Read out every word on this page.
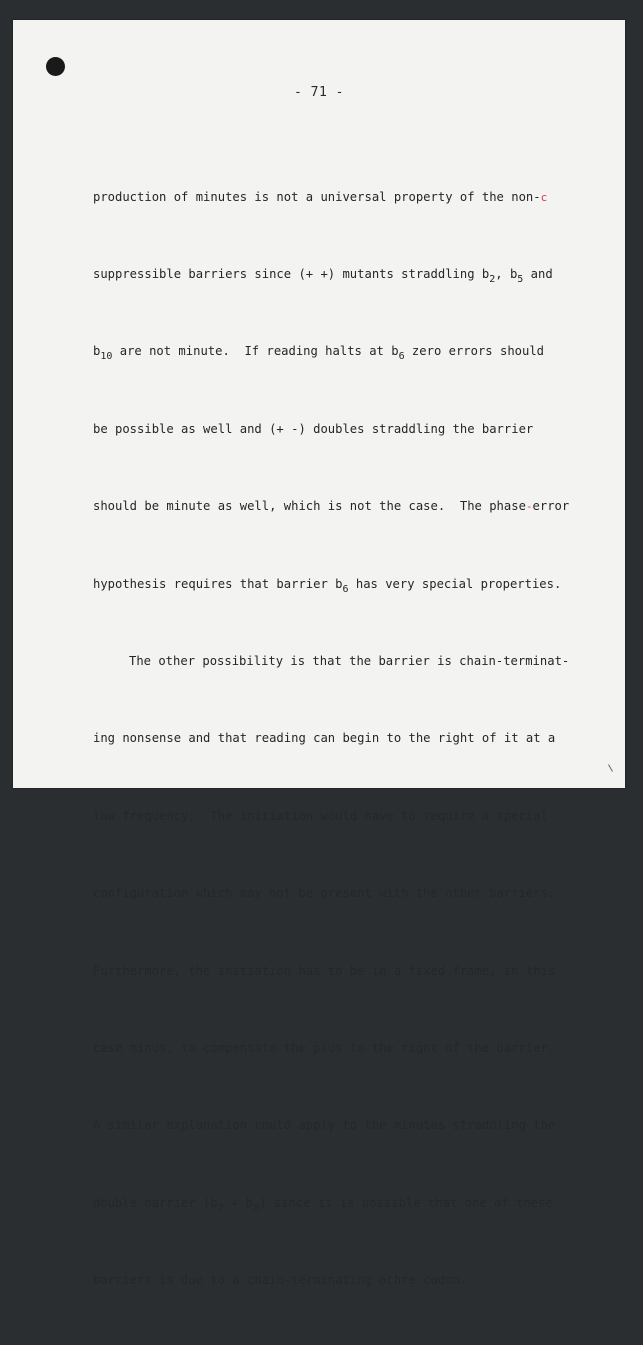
- 71 -

production of minutes is not a universal property of the non-c

suppressible barriers since (+ +) mutants straddling $b_2$, $b_5$ and

$b_{10}$ are not minute.  If reading halts at $b_6$ zero errors should

be possible as well and (+ -) doubles straddling the barrier

should be minute as well, which is not the case.  The phase-error

hypothesis requires that barrier $b_6$ has very special properties.

The other possibility is that the barrier is chain-terminat-

ing nonsense and that reading can begin to the right of it at a

low frequency.  The initiation would have to require a special

configuration which may not be present with the other barriers.

Furthermore, the initiation has to be in a fixed frame, in this

case minus, to compensate the plus to the right of the barrier.

A similar explanation could apply to the minutes straddling the

double barrier $(b_7 + b_8)$ since it is possible that one of these

barriers is due to a chain-terminating ochre codon.
